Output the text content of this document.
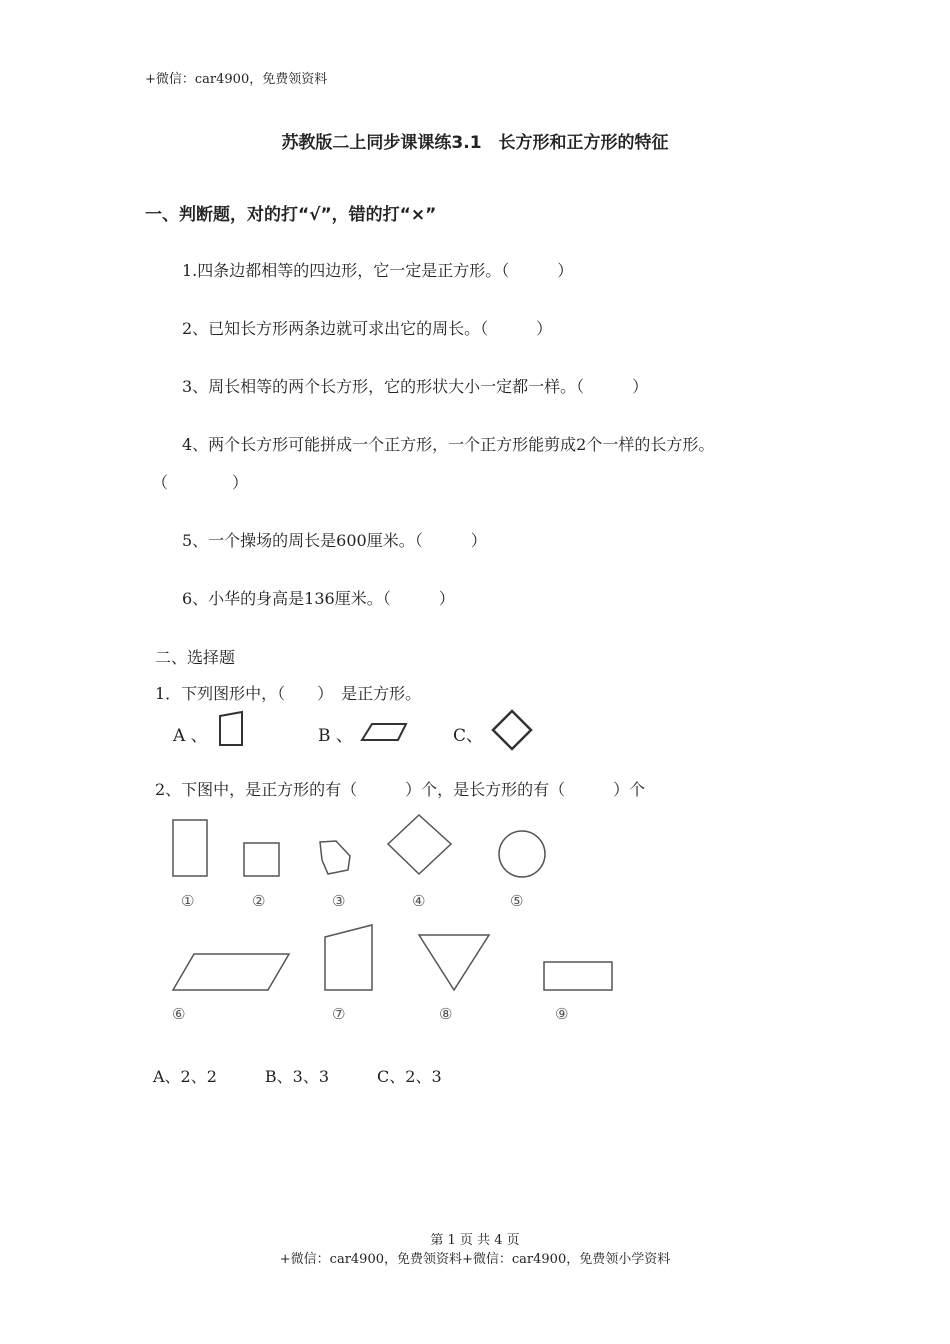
+微信：car4900，免费领资料
苏教版二上同步课课练3.1　长方形和正方形的特征
一、判断题，对的打“√”，错的打“×”
1.四条边都相等的四边形，它一定是正方形。（　　　）
2、已知长方形两条边就可求出它的周长。（　　　）
3、周长相等的两个长方形，它的形状大小一定都一样。（　　　）
4、两个长方形可能拼成一个正方形，一个正方形能剪成2个一样的长方形。
（　　　　）
5、一个操场的周长是600厘米。（　　　）
6、小华的身高是136厘米。（　　　）
二、选择题
1．下列图形中，（　　）　是正方形。
A 、	B 、	C、
2、下图中，是正方形的有（　　　）个，是长方形的有（　　　）个
A、2、2　　　B、3、3　　　C、2、3
①	②	③	④	⑤
⑥	⑦	⑧	⑨
第 1 页 共 4 页
+微信：car4900，免费领资料+微信：car4900，免费领小学资料
